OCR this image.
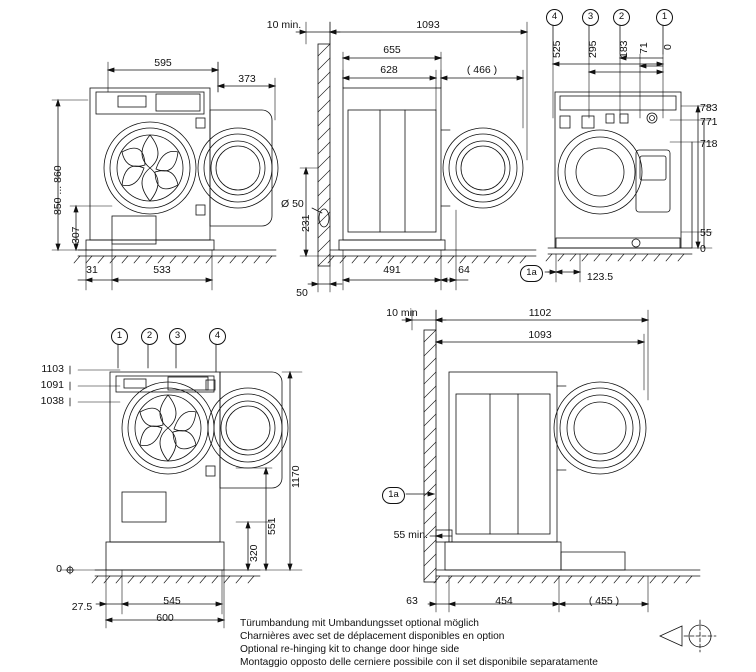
595
373
850 ... 860
307
31	533
10 min.	1093
655
628	( 466 )
Ø 50
491	64
231
50
4	3	2	1
525 295 183 71 0
783
771
718
55
0
1a	123.5
1	2	3	4
1103
1091
1038
0
1170
551
320
27.5	545
600
10 min	1102
1093
1a
55 min.
63	454	( 455 )
Türumbandung mit Umbandungsset optional möglich
Charnières avec set de déplacement disponibles en option
Optional re-hinging kit to change door hinge side
Montaggio opposto delle cerniere possibile con il set disponibile separatamente
